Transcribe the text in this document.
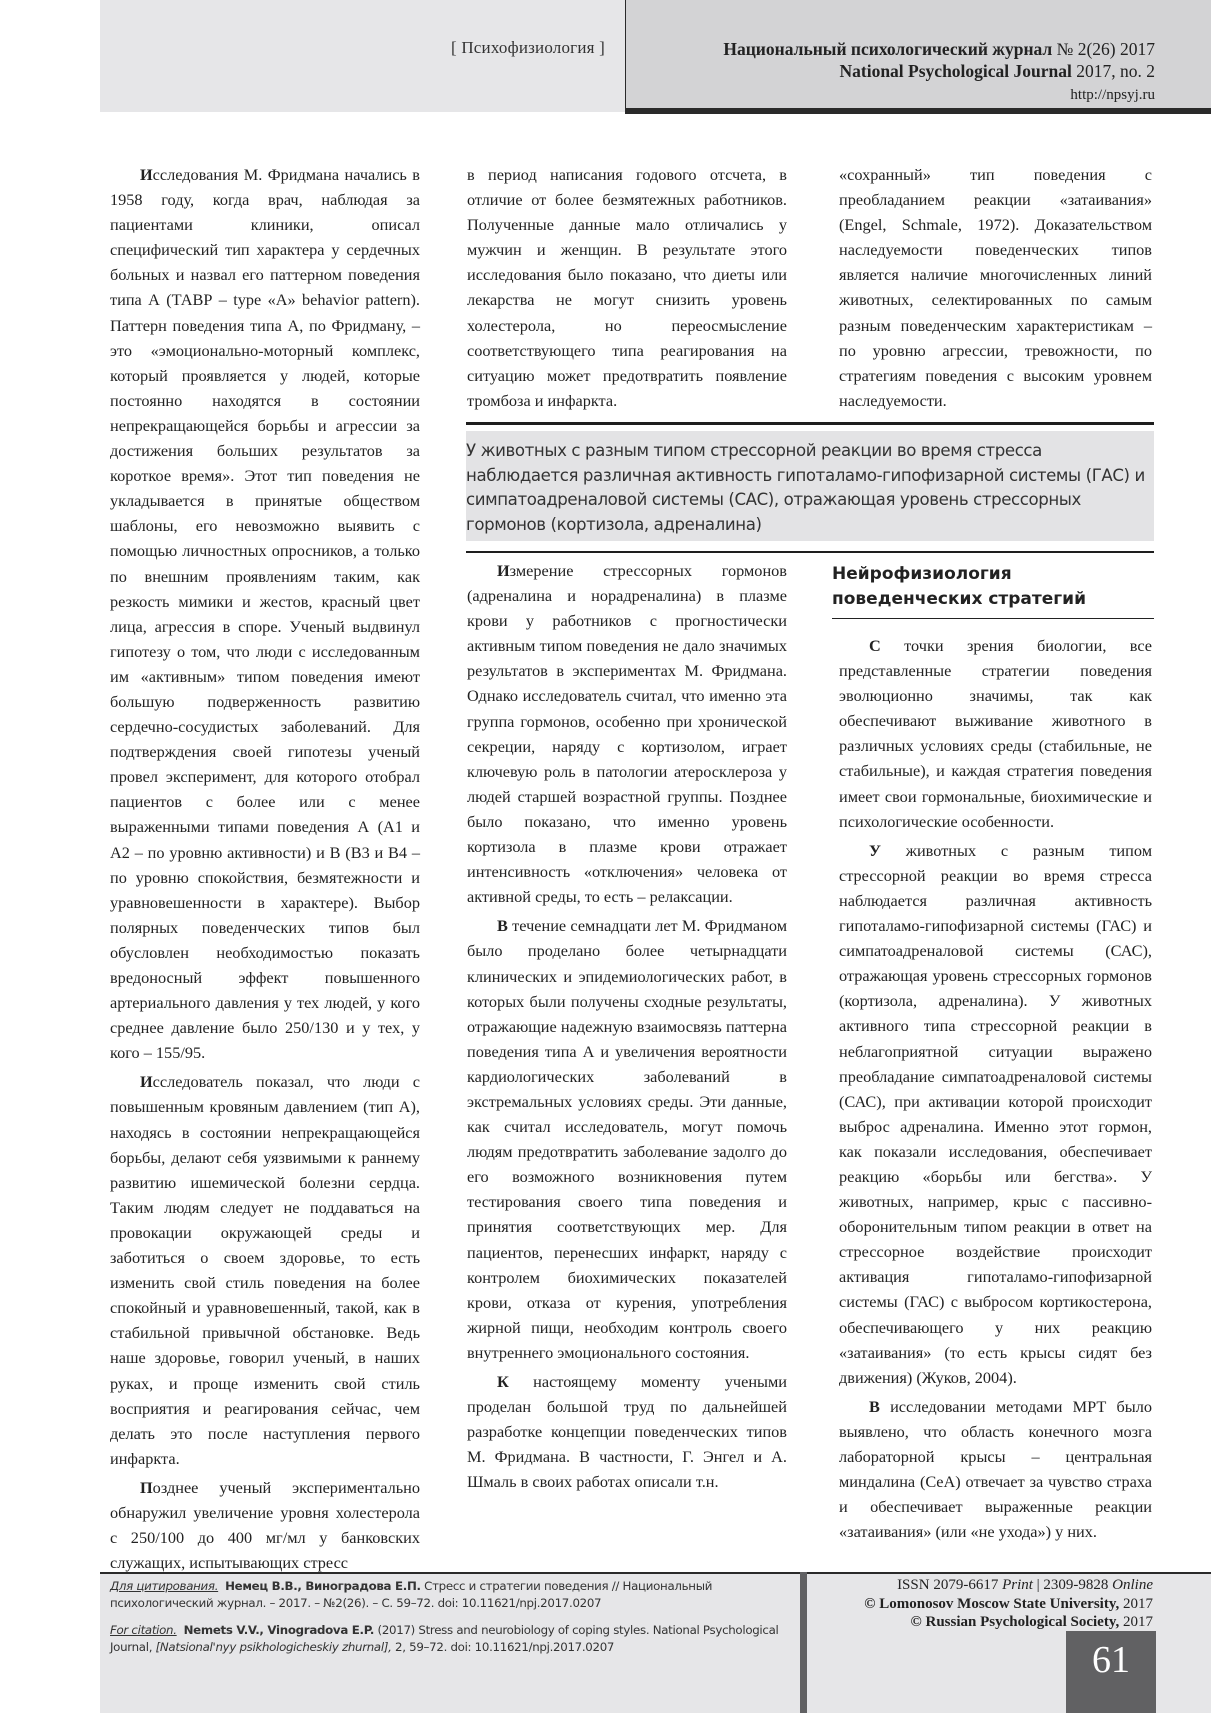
[ Психофизиология ]	Национальный психологический журнал № 2(26) 2017
National Psychological Journal 2017, no. 2
http://npsyj.ru

Исследования М. Фридмана начались в 1958 году, когда врач, наблюдая за пациентами клиники, описал специфический тип характера у сердечных больных и назвал его паттерном поведения типа А (ТАВР – type «A» behavior pattern). Паттерн поведения типа А, по Фридману, – это «эмоционально-моторный комплекс, который проявляется у людей, которые постоянно находятся в состоянии непрекращающейся борьбы и агрессии за достижения больших результатов за короткое время». Этот тип поведения не укладывается в принятые обществом шаблоны, его невозможно выявить с помощью личностных опросников, а только по внешним проявлениям таким, как резкость мимики и жестов, красный цвет лица, агрессия в споре. Ученый выдвинул гипотезу о том, что люди с исследованным им «активным» типом поведения имеют большую подверженность развитию сердечно-сосудистых заболеваний. Для подтверждения своей гипотезы ученый провел эксперимент, для которого отобрал пациентов с более или с менее выраженными типами поведения А (А1 и А2 – по уровню активности) и В (В3 и В4 – по уровню спокойствия, безмятежности и уравновешенности в характере). Выбор полярных поведенческих типов был обусловлен необходимостью показать вредоносный эффект повышенного артериального давления у тех людей, у кого среднее давление было 250/130 и у тех, у кого – 155/95.

Исследователь показал, что люди с повышенным кровяным давлением (тип А), находясь в состоянии непрекращающейся борьбы, делают себя уязвимыми к раннему развитию ишемической болезни сердца. Таким людям следует не поддаваться на провокации окружающей среды и заботиться о своем здоровье, то есть изменить свой стиль поведения на более спокойный и уравновешенный, такой, как в стабильной привычной обстановке. Ведь наше здоровье, говорил ученый, в наших руках, и проще изменить свой стиль восприятия и реагирования сейчас, чем делать это после наступления первого инфаркта.

Позднее ученый экспериментально обнаружил увеличение уровня холестерола с 250/100 до 400 мг/мл у банковских служащих, испытывающих стресс

в период написания годового отсчета, в отличие от более безмятежных работников. Полученные данные мало отличались у мужчин и женщин. В результате этого исследования было показано, что диеты или лекарства не могут снизить уровень холестерола, но переосмысление соответствующего типа реагирования на ситуацию может предотвратить появление тромбоза и инфаркта.

«сохранный» тип поведения с преобладанием реакции «затаивания» (Engel, Schmale, 1972). Доказательством наследуемости поведенческих типов является наличие многочисленных линий животных, селектированных по самым разным поведенческим характеристикам – по уровню агрессии, тревожности, по стратегиям поведения с высоким уровнем наследуемости.

У животных с разным типом стрессорной реакции во время стресса наблюдается различная активность гипоталамо-гипофизарной системы (ГАС) и симпатоадреналовой системы (САС), отражающая уровень стрессорных гормонов (кортизола, адреналина)

Измерение стрессорных гормонов (адреналина и норадреналина) в плазме крови у работников с прогностически активным типом поведения не дало значимых результатов в экспериментах М. Фридмана. Однако исследователь считал, что именно эта группа гормонов, особенно при хронической секреции, наряду с кортизолом, играет ключевую роль в патологии атеросклероза у людей старшей возрастной группы. Позднее было показано, что именно уровень кортизола в плазме крови отражает интенсивность «отключения» человека от активной среды, то есть – релаксации.

В течение семнадцати лет М. Фридманом было проделано более четырнадцати клинических и эпидемиологических работ, в которых были получены сходные результаты, отражающие надежную взаимосвязь паттерна поведения типа А и увеличения вероятности кардиологических заболеваний в экстремальных условиях среды. Эти данные, как считал исследователь, могут помочь людям предотвратить заболевание задолго до его возможного возникновения путем тестирования своего типа поведения и принятия соответствующих мер. Для пациентов, перенесших инфаркт, наряду с контролем биохимических показателей крови, отказа от курения, употребления жирной пищи, необходим контроль своего внутреннего эмоционального состояния.

К настоящему моменту учеными проделан большой труд по дальнейшей разработке концепции поведенческих типов М. Фридмана. В частности, Г. Энгел и А. Шмаль в своих работах описали т.н.

Нейрофизиология
поведенческих стратегий

С точки зрения биологии, все представленные стратегии поведения эволюционно значимы, так как обеспечивают выживание животного в различных условиях среды (стабильные, не стабильные), и каждая стратегия поведения имеет свои гормональные, биохимические и психологические особенности.

У животных с разным типом стрессорной реакции во время стресса наблюдается различная активность гипоталамо-гипофизарной системы (ГАС) и симпатоадреналовой системы (САС), отражающая уровень стрессорных гормонов (кортизола, адреналина). У животных активного типа стрессорной реакции в неблагоприятной ситуации выражено преобладание симпатоадреналовой системы (САС), при активации которой происходит выброс адреналина. Именно этот гормон, как показали исследования, обеспечивает реакцию «борьбы или бегства». У животных, например, крыс с пассивно-оборонительным типом реакции в ответ на стрессорное воздействие происходит активация гипоталамо-гипофизарной системы (ГАС) с выбросом кортикостерона, обеспечивающего у них реакцию «затаивания» (то есть крысы сидят без движения) (Жуков, 2004).

В исследовании методами МРТ было выявлено, что область конечного мозга лабораторной крысы – центральная миндалина (CeA) отвечает за чувство страха и обеспечивает выраженные реакции «затаивания» (или «не ухода») у них.

Для цитирования. Немец В.В., Виноградова Е.П. Стресс и стратегии поведения // Национальный психологический журнал. – 2017. – №2(26). – С. 59–72. doi: 10.11621/npj.2017.0207
For citation. Nemets V.V., Vinogradova E.P. (2017) Stress and neurobiology of coping styles. National Psychological Journal, [Natsional'nyy psikhologicheskiy zhurnal], 2, 59–72. doi: 10.11621/npj.2017.0207
ISSN 2079-6617 Print | 2309-9828 Online
© Lomonosov Moscow State University, 2017
© Russian Psychological Society, 2017
61
